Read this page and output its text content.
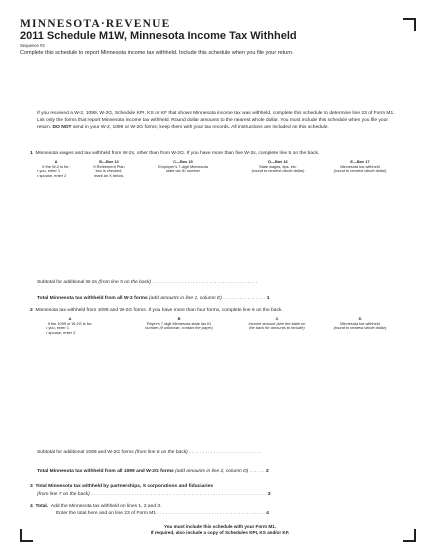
MINNESOTA·REVENUE
2011 Schedule M1W, Minnesota Income Tax Withheld
Sequence #2
Complete this schedule to report Minnesota income tax withheld. Include this schedule when you file your return.
If you received a W-2, 1099, W-2G, Schedule KPI, KS or KF that shows Minnesota income tax was withheld, complete this schedule to determine line 23 of Form M1. List only the forms that report Minnesota income tax withheld. Round dollar amounts to the nearest whole dollar. You must include this schedule when you file your return. DO NOT send in your W-2, 1099 or W-2G forms; keep them with your tax records. All instructions are included on this schedule.
1 Minnesota wages and tax withheld from W-2s, other than from W-2G. If you have more than five W-2s, complete line 5 on the back.
A
If the W-2 is for:
• you, enter 1
• spouse, enter 2
B—Box 13
If Retirement Plan
box is checked,
mark an X below.
C—Box 15
Employer's 7-digit Minnesota
state tax ID number
D—Box 16
State wages, tips, etc.
(round to nearest whole dollar)
E—Box 17
Minnesota tax withheld
(round to nearest whole dollar)
Subtotal for additional W-2s (from line 5 on the back) . . . . . . . . . . . . . . . . . . . . . . . . . . . . . . . . . . . . . . .
Total Minnesota tax withheld from all W-2 forms (add amounts in line 1, column E) . . . . . . . . . . . . . . . . 1
2 Minnesota tax withheld from 1099 and W-2G forms. If you have more than four forms, complete line 6 on the back.
A
If the 1099 or W-2G is for:
• you, enter 1
• spouse, enter 2
B
Payer's 7-digit Minnesota state tax ID
number (if unknown, contact the payer)
C
Income amount (see the table on
the back for amounts to include)
D
Minnesota tax withheld
(round to nearest whole dollar)
Subtotal for additional 1099 and W-2G forms (from line 6 on the back) . . . . . . . . . . . . . . . . . . . . . . . . . . .
Total Minnesota tax withheld from all 1099 and W-2G forms (add amounts in line 2, column D) . . . . . . 2
3 Total Minnesota tax withheld by partnerships, S corporations and fiduciaries
(from line 7 on the back) . . . . . . . . . . . . . . . . . . . . . . . . . . . . . . . . . . . . . . . . . . . . . . . . . . . . . . . . . . . . . . . . . 3
4 Total. Add the Minnesota tax withheld on lines 1, 2 and 3.
Enter the total here and on line 23 of Form M1 . . . . . . . . . . . . . . . . . . . . . . . . . . . . . . . . . . . . . . . . 4
You must include this schedule with your Form M1.
If required, also include a copy of Schedules KPI, KS and/or KF.
